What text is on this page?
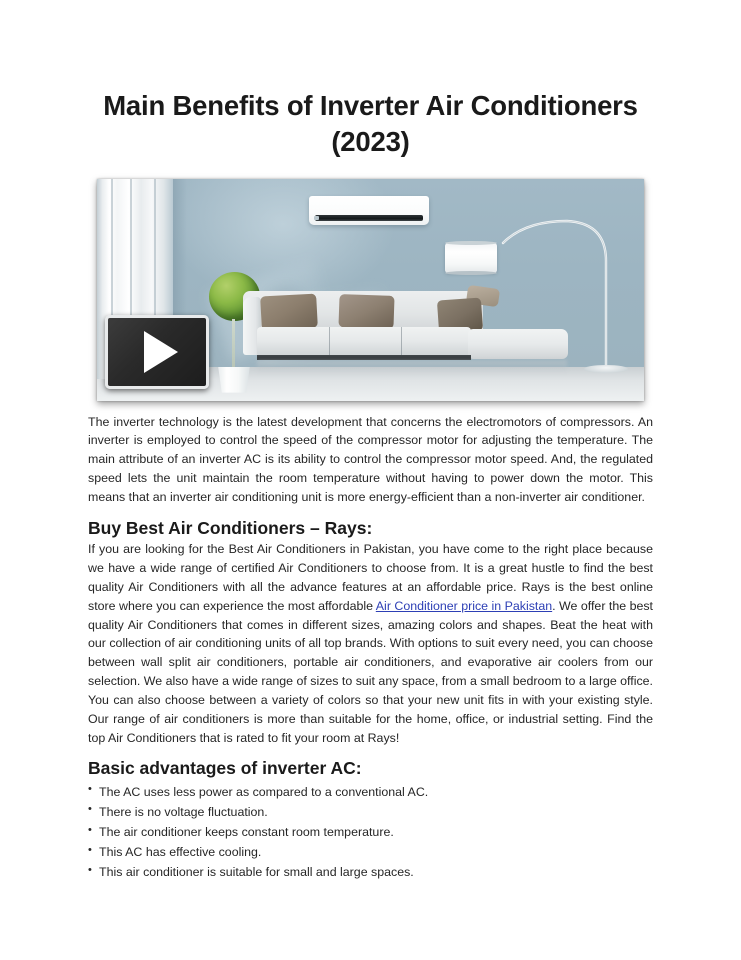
Main Benefits of Inverter Air Conditioners (2023)

The inverter technology is the latest development that concerns the electromotors of compressors. An inverter is employed to control the speed of the compressor motor for adjusting the temperature. The main attribute of an inverter AC is its ability to control the compressor motor speed. And, the regulated speed lets the unit maintain the room temperature without having to power down the motor. This means that an inverter air conditioning unit is more energy-efficient than a non-inverter air conditioner.

Buy Best Air Conditioners – Rays:

If you are looking for the Best Air Conditioners in Pakistan, you have come to the right place because we have a wide range of certified Air Conditioners to choose from. It is a great hustle to find the best quality Air Conditioners with all the advance features at an affordable price. Rays is the best online store where you can experience the most affordable Air Conditioner price in Pakistan. We offer the best quality Air Conditioners that comes in different sizes, amazing colors and shapes. Beat the heat with our collection of air conditioning units of all top brands. With options to suit every need, you can choose between wall split air conditioners, portable air conditioners, and evaporative air coolers from our selection. We also have a wide range of sizes to suit any space, from a small bedroom to a large office. You can also choose between a variety of colors so that your new unit fits in with your existing style. Our range of air conditioners is more than suitable for the home, office, or industrial setting. Find the top Air Conditioners that is rated to fit your room at Rays!

Basic advantages of inverter AC:
• The AC uses less power as compared to a conventional AC.
• There is no voltage fluctuation.
• The air conditioner keeps constant room temperature.
• This AC has effective cooling.
• This air conditioner is suitable for small and large spaces.
